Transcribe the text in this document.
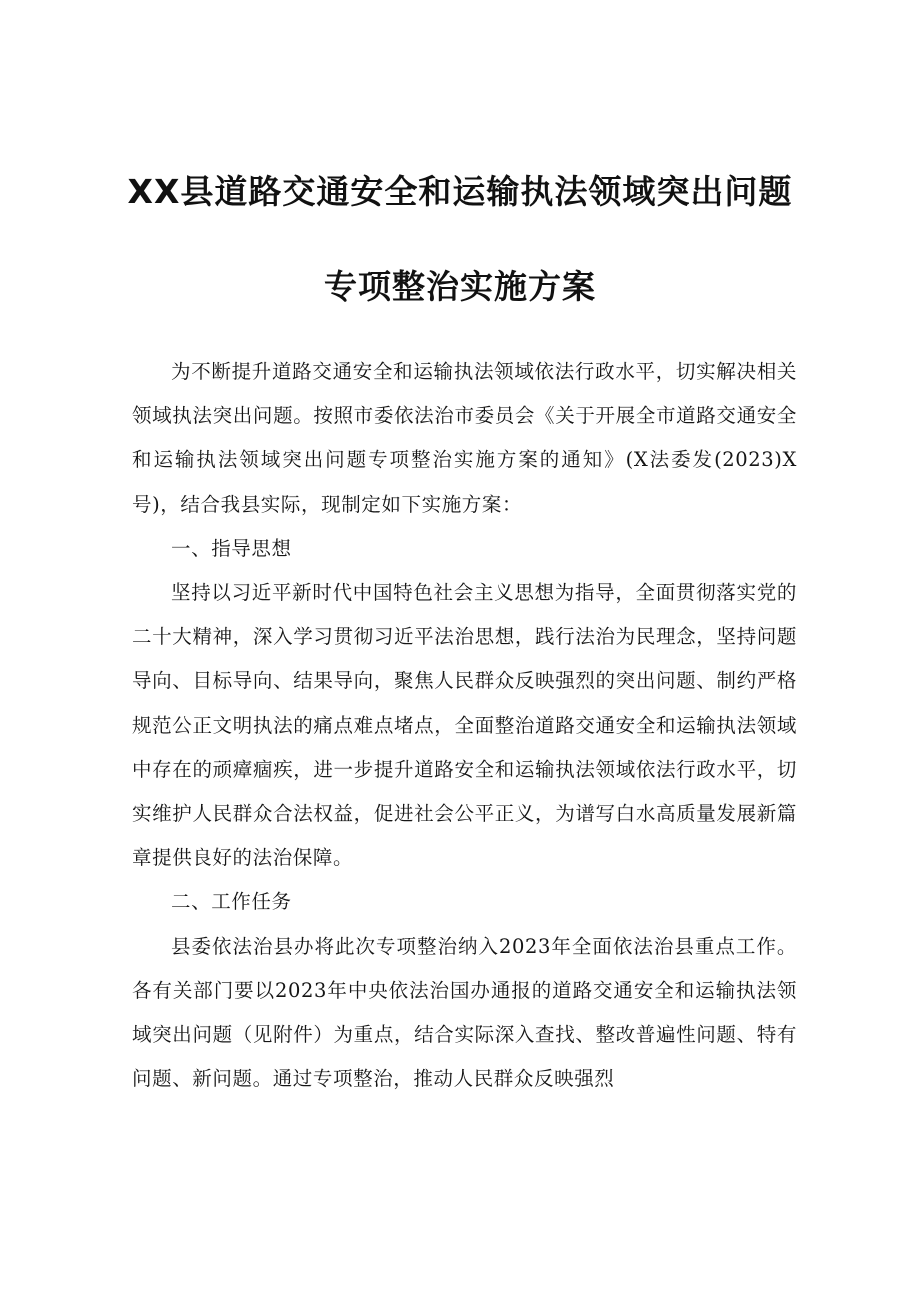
XX县道路交通安全和运输执法领域突出问题
专项整治实施方案

为不断提升道路交通安全和运输执法领域依法行政水平，切实解决相关领域执法突出问题。按照市委依法治市委员会《关于开展全市道路交通安全和运输执法领域突出问题专项整治实施方案的通知》(X法委发(2023)X号)，结合我县实际，现制定如下实施方案：

一、指导思想

坚持以习近平新时代中国特色社会主义思想为指导，全面贯彻落实党的二十大精神，深入学习贯彻习近平法治思想，践行法治为民理念，坚持问题导向、目标导向、结果导向，聚焦人民群众反映强烈的突出问题、制约严格规范公正文明执法的痛点难点堵点，全面整治道路交通安全和运输执法领域中存在的顽瘴痼疾，进一步提升道路安全和运输执法领域依法行政水平，切实维护人民群众合法权益，促进社会公平正义，为谱写白水高质量发展新篇章提供良好的法治保障。

二、工作任务

县委依法治县办将此次专项整治纳入2023年全面依法治县重点工作。各有关部门要以2023年中央依法治国办通报的道路交通安全和运输执法领域突出问题（见附件）为重点，结合实际深入查找、整改普遍性问题、特有问题、新问题。通过专项整治，推动人民群众反映强烈
